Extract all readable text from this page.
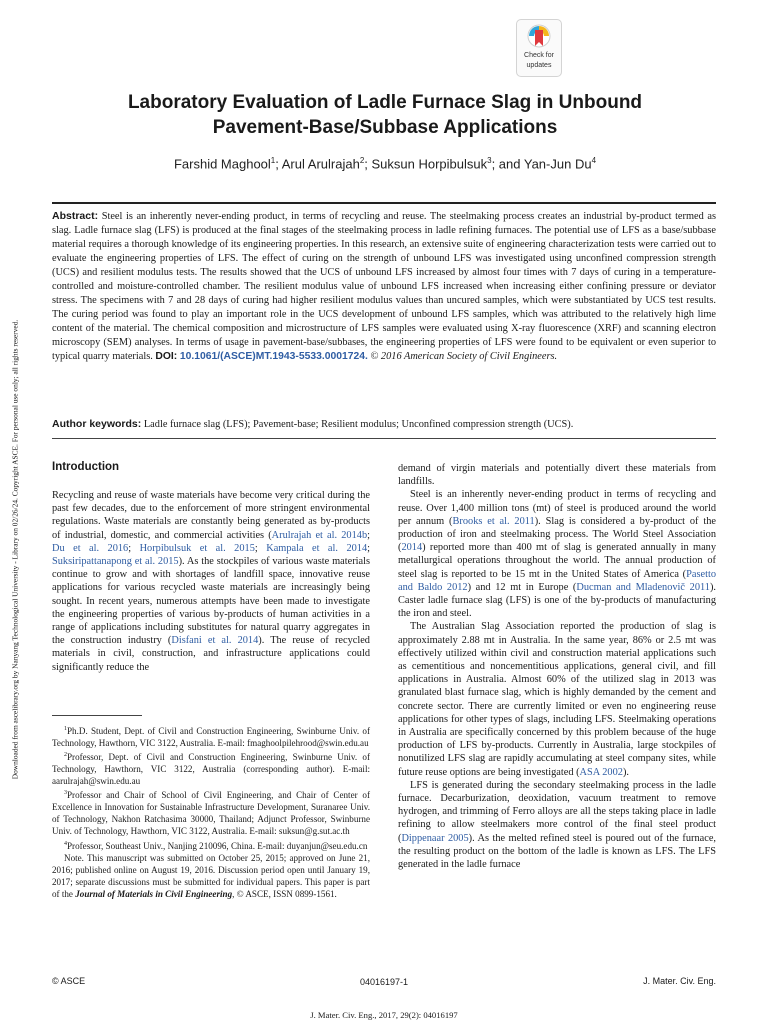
Downloaded from ascelibrary.org by Nanyang Technological University - Library on 02/26/24. Copyright ASCE. For personal use only; all rights reserved.
Check for
updates
Laboratory Evaluation of Ladle Furnace Slag in Unbound
Pavement-Base/Subbase Applications
Farshid Maghool$^1$; Arul Arulrajah$^2$; Suksun Horpibulsuk$^3$; and Yan-Jun Du$^4$
Abstract: Steel is an inherently never-ending product, in terms of recycling and reuse. The steelmaking process creates an industrial by-product termed as slag. Ladle furnace slag (LFS) is produced at the final stages of the steelmaking process in ladle refining furnaces. The potential use of LFS as a base/subbase material requires a thorough knowledge of its engineering properties. In this research, an extensive suite of engineering characterization tests were carried out to evaluate the engineering properties of LFS. The effect of curing on the strength of unbound LFS was investigated using unconfined compression strength (UCS) and resilient modulus tests. The results showed that the UCS of unbound LFS increased by almost four times with 7 days of curing in a temperature-controlled and moisture-controlled chamber. The resilient modulus value of unbound LFS increased when increasing either confining pressure or deviator stress. The specimens with 7 and 28 days of curing had higher resilient modulus values than uncured samples, which were substantiated by UCS test results. The curing period was found to play an important role in the UCS development of unbound LFS samples, which was attributed to the relatively high lime content of the material. The chemical composition and microstructure of LFS samples were evaluated using X-ray fluorescence (XRF) and scanning electron microscopy (SEM) analyses. In terms of usage in pavement-base/subbases, the engineering properties of LFS were found to be equivalent or even superior to typical quarry materials. DOI: 10.1061/(ASCE)MT.1943-5533.0001724. © 2016 American Society of Civil Engineers.
Author keywords: Ladle furnace slag (LFS); Pavement-base; Resilient modulus; Unconfined compression strength (UCS).
Introduction

Recycling and reuse of waste materials have become very critical during the past few decades, due to the enforcement of more stringent environmental regulations. Waste materials are constantly being generated as by-products of industrial, domestic, and commercial activities (Arulrajah et al. 2014b; Du et al. 2016; Horpibulsuk et al. 2015; Kampala et al. 2014; Suksiripattanapong et al. 2015). As the stockpiles of various waste materials continue to grow and with shortages of landfill space, innovative reuse applications for various recycled waste materials are increasingly being sought. In recent years, numerous attempts have been made to investigate the engineering properties of various by-products of human activities in a range of applications including substitutes for natural quarry aggregates in the construction industry (Disfani et al. 2014). The reuse of recycled materials in civil, construction, and infrastructure applications could significantly reduce the

$^1$Ph.D. Student, Dept. of Civil and Construction Engineering, Swinburne Univ. of Technology, Hawthorn, VIC 3122, Australia. E-mail: fmaghoolpilehrood@swin.edu.au

$^2$Professor, Dept. of Civil and Construction Engineering, Swinburne Univ. of Technology, Hawthorn, VIC 3122, Australia (corresponding author). E-mail: aarulrajah@swin.edu.au

$^3$Professor and Chair of School of Civil Engineering, and Chair of Center of Excellence in Innovation for Sustainable Infrastructure Development, Suranaree Univ. of Technology, Nakhon Ratchasima 30000, Thailand; Adjunct Professor, Swinburne Univ. of Technology, Hawthorn, VIC 3122, Australia. E-mail: suksun@g.sut.ac.th

$^4$Professor, Southeast Univ., Nanjing 210096, China. E-mail: duyanjun@seu.edu.cn

Note. This manuscript was submitted on October 25, 2015; approved on June 21, 2016; published online on August 19, 2016. Discussion period open until January 19, 2017; separate discussions must be submitted for individual papers. This paper is part of the Journal of Materials in Civil Engineering, © ASCE, ISSN 0899-1561.

demand of virgin materials and potentially divert these materials from landfills.

Steel is an inherently never-ending product in terms of recycling and reuse. Over 1,400 million tons (mt) of steel is produced around the world per annum (Brooks et al. 2011). Slag is considered a by-product of the production of iron and steelmaking process. The World Steel Association (2014) reported more than 400 mt of slag is generated annually in many metallurgical operations throughout the world. The annual production of steel slag is reported to be 15 mt in the United States of America (Pasetto and Baldo 2012) and 12 mt in Europe (Ducman and Mladenovič 2011). Caster ladle furnace slag (LFS) is one of the by-products of manufacturing the iron and steel.

The Australian Slag Association reported the production of slag is approximately 2.88 mt in Australia. In the same year, 86% or 2.5 mt was effectively utilized within civil and construction material applications such as cementitious and noncementitious applications, general civil, and fill applications in Australia. Almost 60% of the utilized slag in 2013 was granulated blast furnace slag, which is highly demanded by the cement and concrete sector. There are currently limited or even no engineering reuse applications for other types of slags, including LFS. Steelmaking operations in Australia are specifically concerned by this problem because of the huge production of LFS by-products. Currently in Australia, large stockpiles of nonutilized LFS slag are rapidly accumulating at steel company sites, while future reuse options are being investigated (ASA 2002).

LFS is generated during the secondary steelmaking process in the ladle furnace. Decarburization, deoxidation, vacuum treatment to remove hydrogen, and trimming of Ferro alloys are all the steps taking place in ladle refining to allow steelmakers more control of the final steel product (Dippenaar 2005). As the melted refined steel is poured out of the furnace, the resulting product on the bottom of the ladle is known as LFS. The LFS generated in the ladle furnace

© ASCE	04016197-1	J. Mater. Civ. Eng.
J. Mater. Civ. Eng., 2017, 29(2): 04016197
